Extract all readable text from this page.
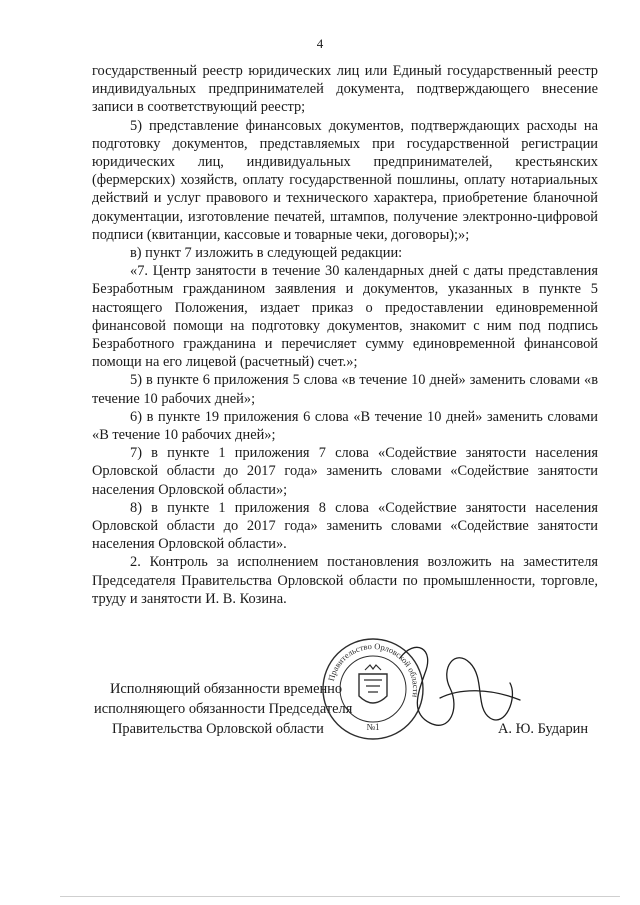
4

государственный реестр юридических лиц или Единый государственный реестр индивидуальных предпринимателей документа, подтверждающего внесение записи в соответствующий реестр;

5) представление финансовых документов, подтверждающих расходы на подготовку документов, представляемых при государственной регистрации юридических лиц, индивидуальных предпринимателей, крестьянских (фермерских) хозяйств, оплату государственной пошлины, оплату нотариальных действий и услуг правового и технического характера, приобретение бланочной документации, изготовление печатей, штампов, получение электронно-цифровой подписи (квитанции, кассовые и товарные чеки, договоры);»;

в) пункт 7 изложить в следующей редакции:

«7. Центр занятости в течение 30 календарных дней с даты представления Безработным гражданином заявления и документов, указанных в пункте 5 настоящего Положения, издает приказ о предоставлении единовременной финансовой помощи на подготовку документов, знакомит с ним под подпись Безработного гражданина и перечисляет сумму единовременной финансовой помощи на его лицевой (расчетный) счет.»;

5) в пункте 6 приложения 5 слова «в течение 10 дней» заменить словами «в течение 10 рабочих дней»;

6) в пункте 19 приложения 6 слова «В течение 10 дней» заменить словами «В течение 10 рабочих дней»;

7) в пункте 1 приложения 7 слова «Содействие занятости населения Орловской области до 2017 года» заменить словами «Содействие занятости населения Орловской области»;

8) в пункте 1 приложения 8 слова «Содействие занятости населения Орловской области до 2017 года» заменить словами «Содействие занятости населения Орловской области».

2. Контроль за исполнением постановления возложить на заместителя Председателя Правительства Орловской области по промышленности, торговле, труду и занятости И. В. Козина.

Исполняющий обязанности временно
исполняющего обязанности Председателя
Правительства Орловской области	А. Ю. Бударин
Правительство Орловской области
№1
